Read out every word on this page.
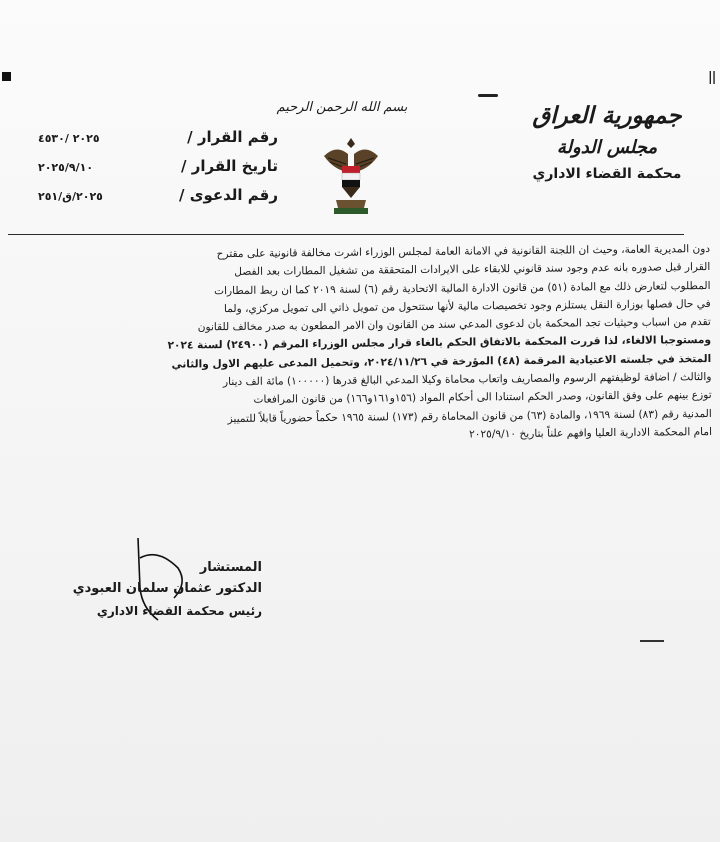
ǀǀ
جمهورية العراق
مجلس الدولة
محكمة القضاء الاداري
بسم الله الرحمن الرحيم
رقم القرار /
٢٠٢٥ /٤٥٣٠
تاريخ القرار /
٢٠٢٥/٩/١٠
رقم الدعوى /
٢٠٢٥/ق/٢٥١

دون المديرية العامة، وحيث ان اللجنة القانونية في الامانة العامة لمجلس الوزراء اشرت مخالفة قانونية على مقترح

القرار قبل صدوره بانه عدم وجود سند قانوني للابقاء على الايرادات المتحققة من تشغيل المطارات بعد الفصل

المطلوب لتعارض ذلك مع المادة (٥١) من قانون الادارة المالية الاتحادية رقم (٦) لسنة ٢٠١٩ كما ان ربط المطارات

في حال فصلها بوزارة النقل يستلزم وجود تخصيصات مالية لأنها ستتحول من تمويل ذاتي الى تمويل مركزي، ولما

تقدم من اسباب وحيثيات تجد المحكمة بان لدعوى المدعي سند من القانون وان الامر المطعون به صدر مخالف للقانون

ومستوجبا الالغاء، لذا قررت المحكمة بالاتفاق الحكم بالغاء قرار مجلس الوزراء المرقم (٢٤٩٠٠) لسنة ٢٠٢٤

المتخذ في جلسته الاعتيادية المرقمة (٤٨) المؤرخة في ٢٠٢٤/١١/٢٦، وتحميل المدعى عليهم الاول والثاني

والثالث / اضافة لوظيفتهم الرسوم والمصاريف واتعاب محاماة وكيلا المدعي البالغ قدرها (١٠٠٠٠٠) مائة الف دينار

توزع بينهم على وفق القانون، وصدر الحكم استنادا الى أحكام المواد (١٥٦و١٦١و١٦٦) من قانون المرافعات

المدنية رقم (٨٣) لسنة ١٩٦٩، والمادة (٦٣) من قانون المحاماة رقم (١٧٣) لسنة ١٩٦٥ حكماً حضورياً قابلاً للتمييز

امام المحكمة الادارية العليا وافهم علناً بتاريخ ٢٠٢٥/٩/١٠

المستشار
الدكتور عثمان سلمان العبودي
رئيس محكمة القضاء الاداري
